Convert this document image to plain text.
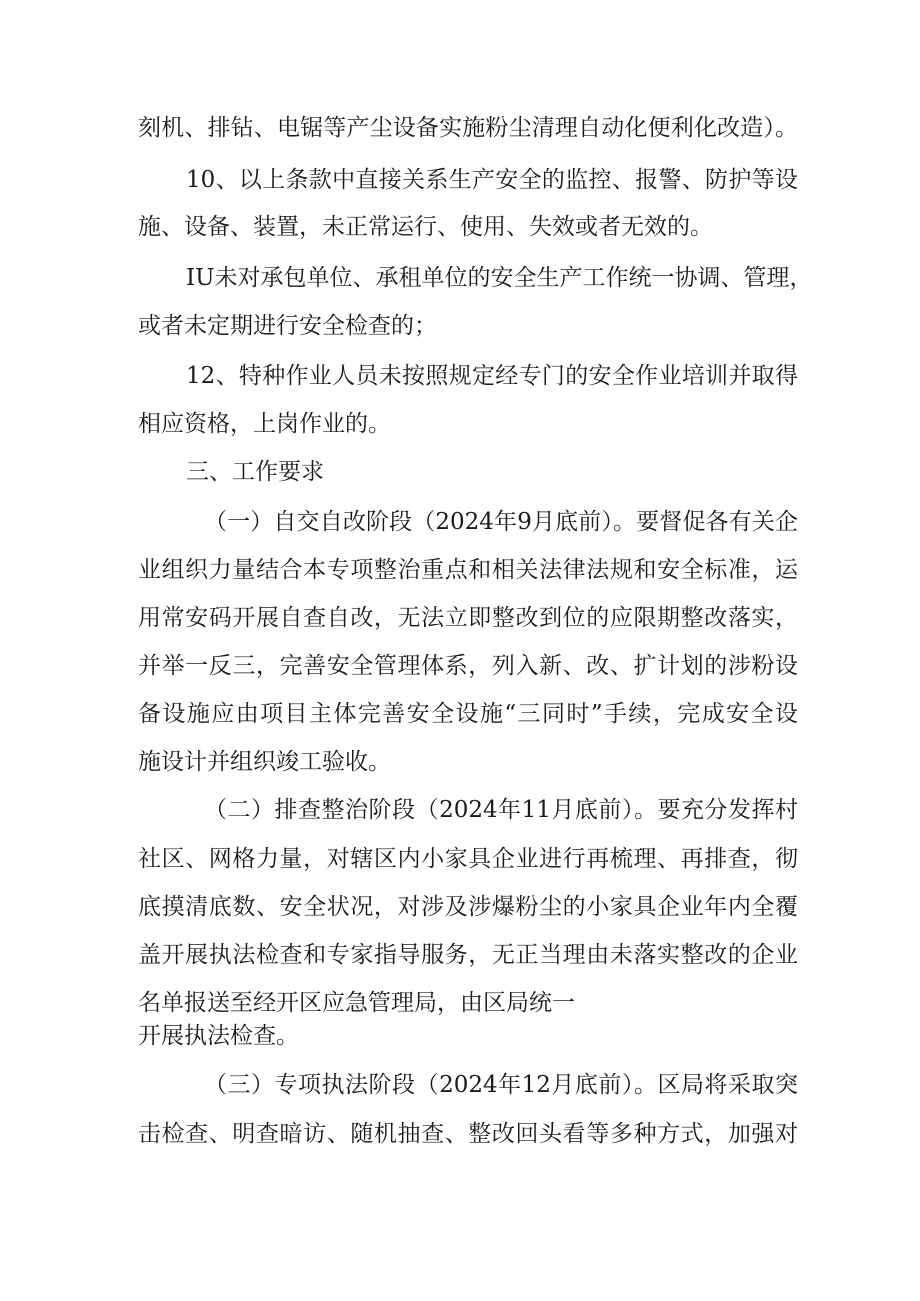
刻机、排钻、电锯等产尘设备实施粉尘清理自动化便利化改造）。
10、以上条款中直接关系生产安全的监控、报警、防护等设
施、设备、装置，未正常运行、使用、失效或者无效的。
IU未对承包单位、承租单位的安全生产工作统一协调、管理，
或者未定期进行安全检查的；
12、特种作业人员未按照规定经专门的安全作业培训并取得
相应资格，上岗作业的。
三、工作要求
（一）自交自改阶段（2024年9月底前）。要督促各有关企
业组织力量结合本专项整治重点和相关法律法规和安全标准，运
用常安码开展自查自改，无法立即整改到位的应限期整改落实，
并举一反三，完善安全管理体系，列入新、改、扩计划的涉粉设
备设施应由项目主体完善安全设施“三同时”手续，完成安全设
施设计并组织竣工验收。
（二）排查整治阶段（2024年11月底前）。要充分发挥村
社区、网格力量，对辖区内小家具企业进行再梳理、再排查，彻
底摸清底数、安全状况，对涉及涉爆粉尘的小家具企业年内全覆
盖开展执法检查和专家指导服务，无正当理由未落实整改的企业
名单报送至经开区应急管理局，由区局统一
开展执法检查。
（三）专项执法阶段（2024年12月底前）。区局将采取突
击检查、明查暗访、随机抽查、整改回头看等多种方式，加强对
